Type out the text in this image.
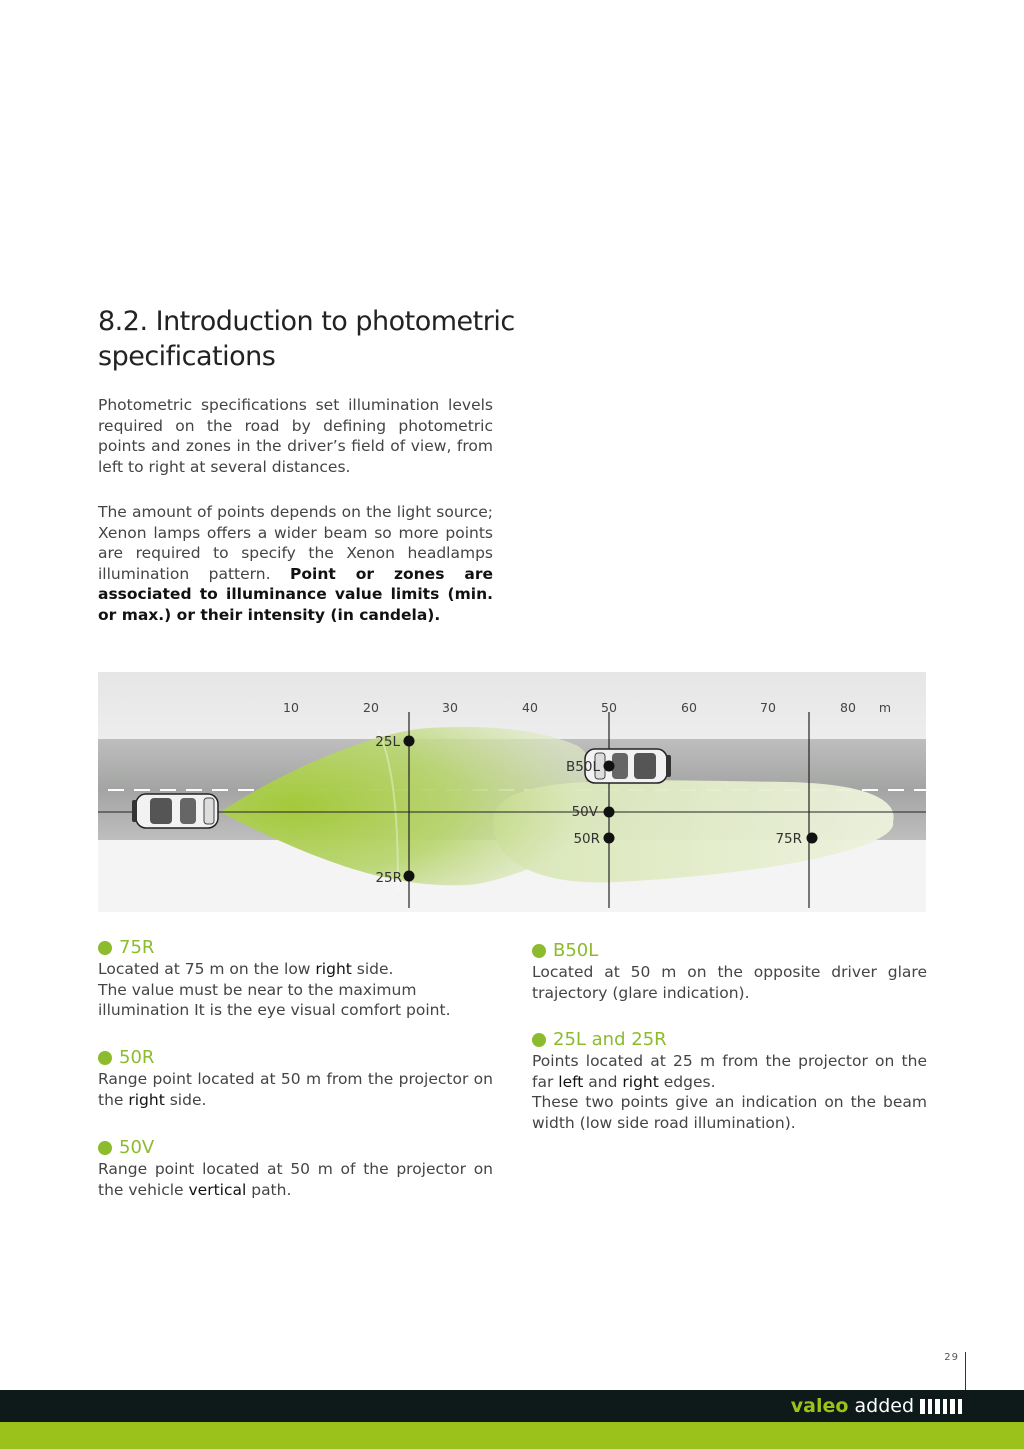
8.2. Introduction to photometric specifications

Photometric specifications set illumination levels required on the road by defining photometric points and zones in the driver’s field of view, from left to right at several distances.

The amount of points depends on the light source; Xenon lamps offers a wider beam so more points are required to specify the Xenon headlamps illumination pattern. Point or zones are associated to illuminance value limits (min. or max.) or their intensity (in candela).

10	20	30	40	50	60	70	80 m
25L
25R
B50L
50V
50R	75R
75R
Located at 75 m on the low right side.
The value must be near to the maximum illumination It is the eye visual comfort point.
50R
Range point located at 50 m from the projector on the right side.
50V
Range point located at 50 m of the projector on the vehicle vertical path.
B50L
Located at 50 m on the opposite driver glare trajectory (glare indication).
25L and 25R
Points located at 25 m from the projector on the far left and right edges.
These two points give an indication on the beam width (low side road illumination).
29
valeo added
